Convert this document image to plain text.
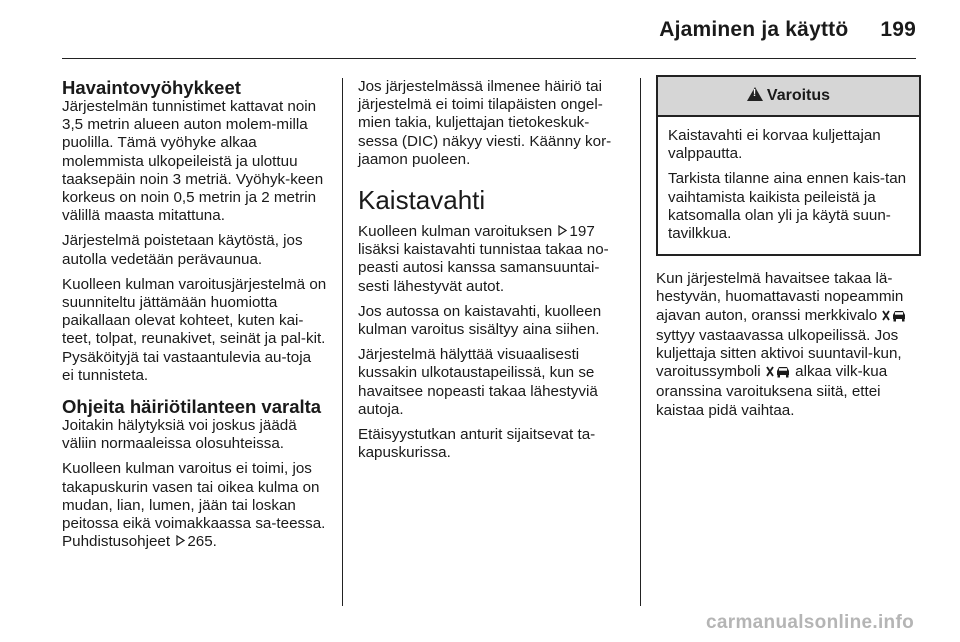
Ajaminen ja käyttö 199
Havaintovyöhykkeet

Järjestelmän tunnistimet kattavat noin 3,5 metrin alueen auton molem-milla puolilla. Tämä vyöhyke alkaa molemmista ulkopeileistä ja ulottuu taaksepäin noin 3 metriä. Vyöhyk-keen korkeus on noin 0,5 metrin ja 2 metrin välillä maasta mitattuna.

Järjestelmä poistetaan käytöstä, jos autolla vedetään perävaunua.

Kuolleen kulman varoitusjärjestelmä on suunniteltu jättämään huomiotta paikallaan olevat kohteet, kuten kai-teet, tolpat, reunakivet, seinät ja pal-kit. Pysäköityjä tai vastaantulevia au-toja ei tunnisteta.

Ohjeita häiriötilanteen varalta

Joitakin hälytyksiä voi joskus jäädä väliin normaaleissa olosuhteissa.

Kuolleen kulman varoitus ei toimi, jos takapuskurin vasen tai oikea kulma on mudan, lian, lumen, jään tai loskan peitossa eikä voimakkaassa sa-teessa. Puhdistusohjeet 265.

Jos järjestelmässä ilmenee häiriö tai järjestelmä ei toimi tilapäisten ongel-mien takia, kuljettajan tietokeskuk-sessa (DIC) näkyy viesti. Käänny kor-jaamon puoleen.

Kaistavahti

Kuolleen kulman varoituksen 197 lisäksi kaistavahti tunnistaa takaa no-peasti autosi kanssa samansuuntai-sesti lähestyvät autot.

Jos autossa on kaistavahti, kuolleen kulman varoitus sisältyy aina siihen.

Järjestelmä hälyttää visuaalisesti kussakin ulkotaustapeilissä, kun se havaitsee nopeasti takaa lähestyviä autoja.

Etäisyystutkan anturit sijaitsevat ta-kapuskurissa.

!Varoitus

Kaistavahti ei korvaa kuljettajan valppautta.

Tarkista tilanne aina ennen kais-tan vaihtamista kaikista peileistä ja katsomalla olan yli ja käytä suun-tavilkkua.

Kun järjestelmä havaitsee takaa lä-hestyvän, huomattavasti nopeammin ajavan auton, oranssi merkkivalo  syttyy vastaavassa ulkopeilissä. Jos kuljettaja sitten aktivoi suuntavil-kun, varoitussymboli alkaa vilk-kua oranssina varoituksena siitä, ettei kaistaa pidä vaihtaa.

carmanualsonline.info
